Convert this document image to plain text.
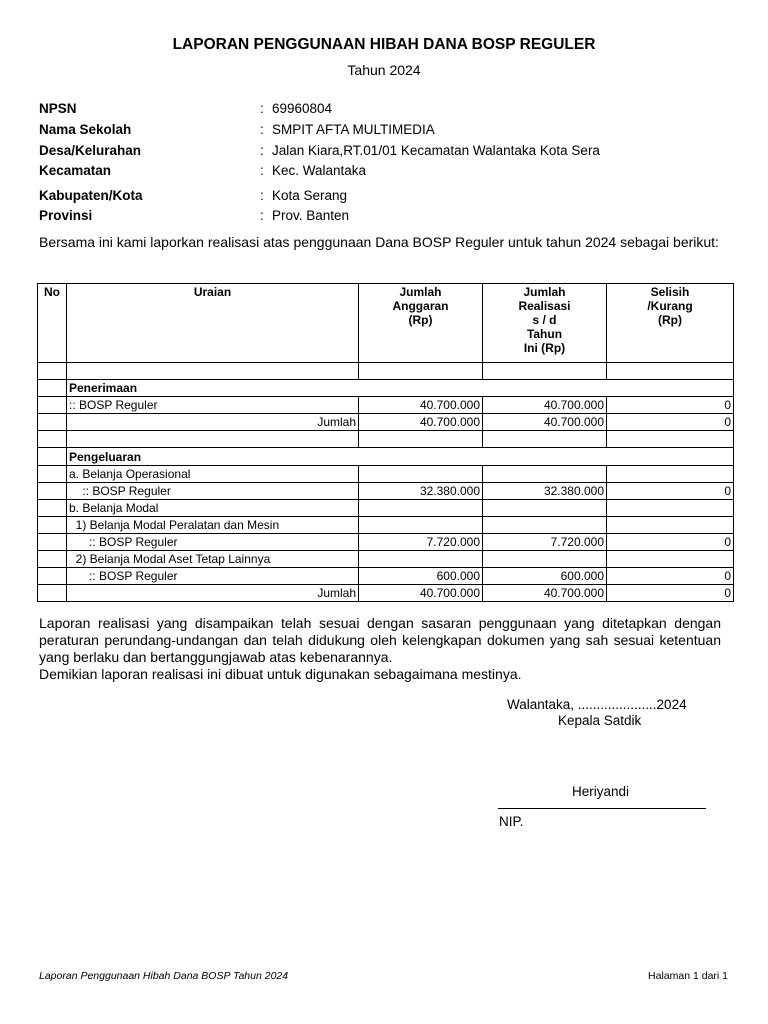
LAPORAN PENGGUNAAN HIBAH DANA BOSP REGULER
Tahun 2024
NPSN	: 69960804
Nama Sekolah	: SMPIT AFTA MULTIMEDIA
Desa/Kelurahan	: Jalan Kiara,RT.01/01 Kecamatan Walantaka Kota Sera
Kecamatan	: Kec. Walantaka
Kabupaten/Kota	: Kota Serang
Provinsi	: Prov. Banten
Bersama ini kami laporkan realisasi atas penggunaan Dana BOSP Reguler untuk tahun 2024 sebagai berikut:
No	Uraian	Jumlah
Anggaran
(Rp)	Jumlah
Realisasi
s / d
Tahun
Ini (Rp)	Selisih
/Kurang
(Rp)

	Penerimaan			
	:: BOSP Reguler	40.700.000	40.700.000	0
	Jumlah	40.700.000	40.700.000	0

	Pengeluaran			
	a. Belanja Operasional			
	:: BOSP Reguler	32.380.000	32.380.000	0
	b. Belanja Modal			
	1) Belanja Modal Peralatan dan Mesin			
	:: BOSP Reguler	7.720.000	7.720.000	0
	2) Belanja Modal Aset Tetap Lainnya			
	:: BOSP Reguler	600.000	600.000	0
	Jumlah	40.700.000	40.700.000	0
Laporan realisasi yang disampaikan telah sesuai dengan sasaran penggunaan yang ditetapkan dengan peraturan perundang-undangan dan telah didukung oleh kelengkapan dokumen yang sah sesuai ketentuan yang berlaku dan bertanggungjawab atas kebenarannya.
Demikian laporan realisasi ini dibuat untuk digunakan sebagaimana mestinya.
Walantaka, .....................2024
Kepala Satdik
Heriyandi
NIP.
Laporan Penggunaan Hibah Dana BOSP Tahun 2024	Halaman 1 dari 1
